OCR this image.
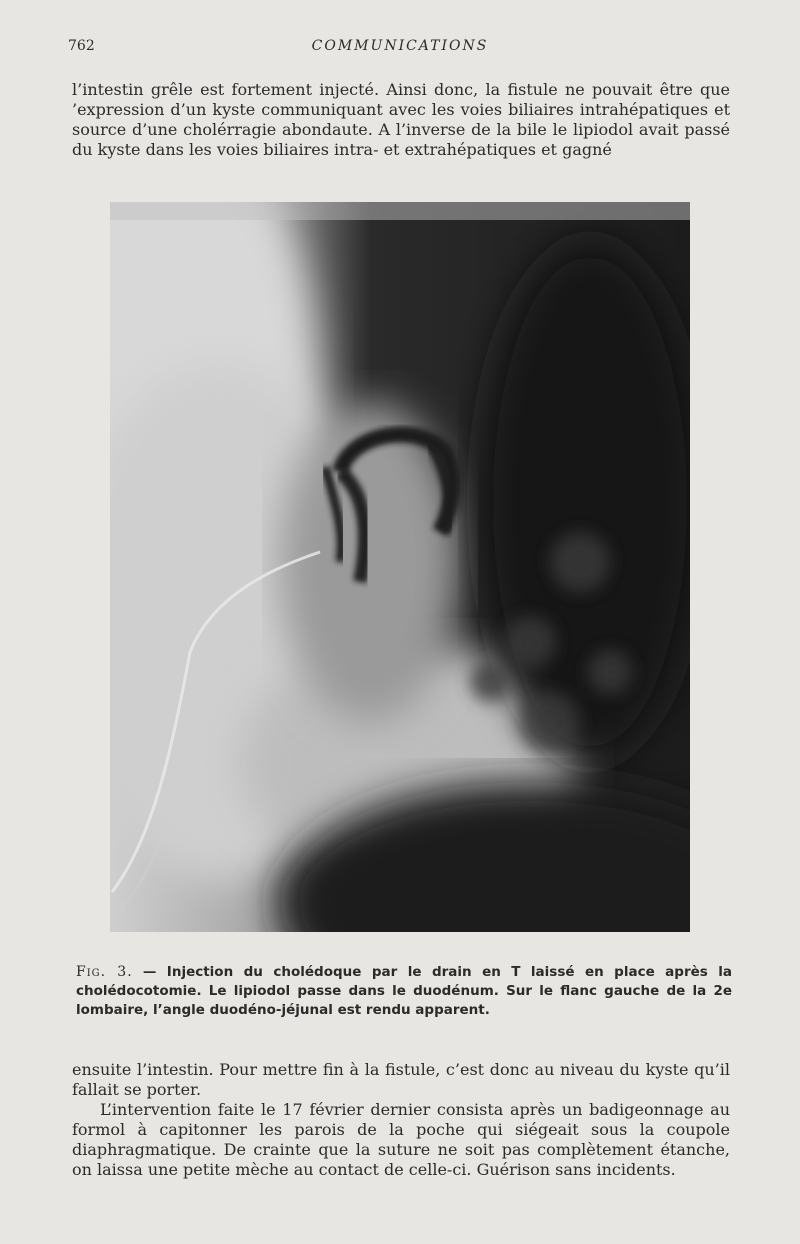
762	COMMUNICATIONS

l’intestin grêle est fortement injecté. Ainsi donc, la fistule ne pouvait être que ’expression d’un kyste communiquant avec les voies biliaires intrahépatiques et source d’une cholérragie abondaute. A l’inverse de la bile le lipiodol avait passé du kyste dans les voies biliaires intra- et extrahépatiques et gagné

Fig. 3. — Injection du cholédoque par le drain en T laissé en place après la cholédocotomie. Le lipiodol passe dans le duodénum. Sur le flanc gauche de la 2e lombaire, l’angle duodéno-jéjunal est rendu apparent.

ensuite l’intestin. Pour mettre fin à la fistule, c’est donc au niveau du kyste qu’il fallait se porter.

L’intervention faite le 17 février dernier consista après un badigeonnage au formol à capitonner les parois de la poche qui siégeait sous la coupole diaphragmatique. De crainte que la suture ne soit pas complètement étanche, on laissa une petite mèche au contact de celle-ci. Guérison sans incidents.
